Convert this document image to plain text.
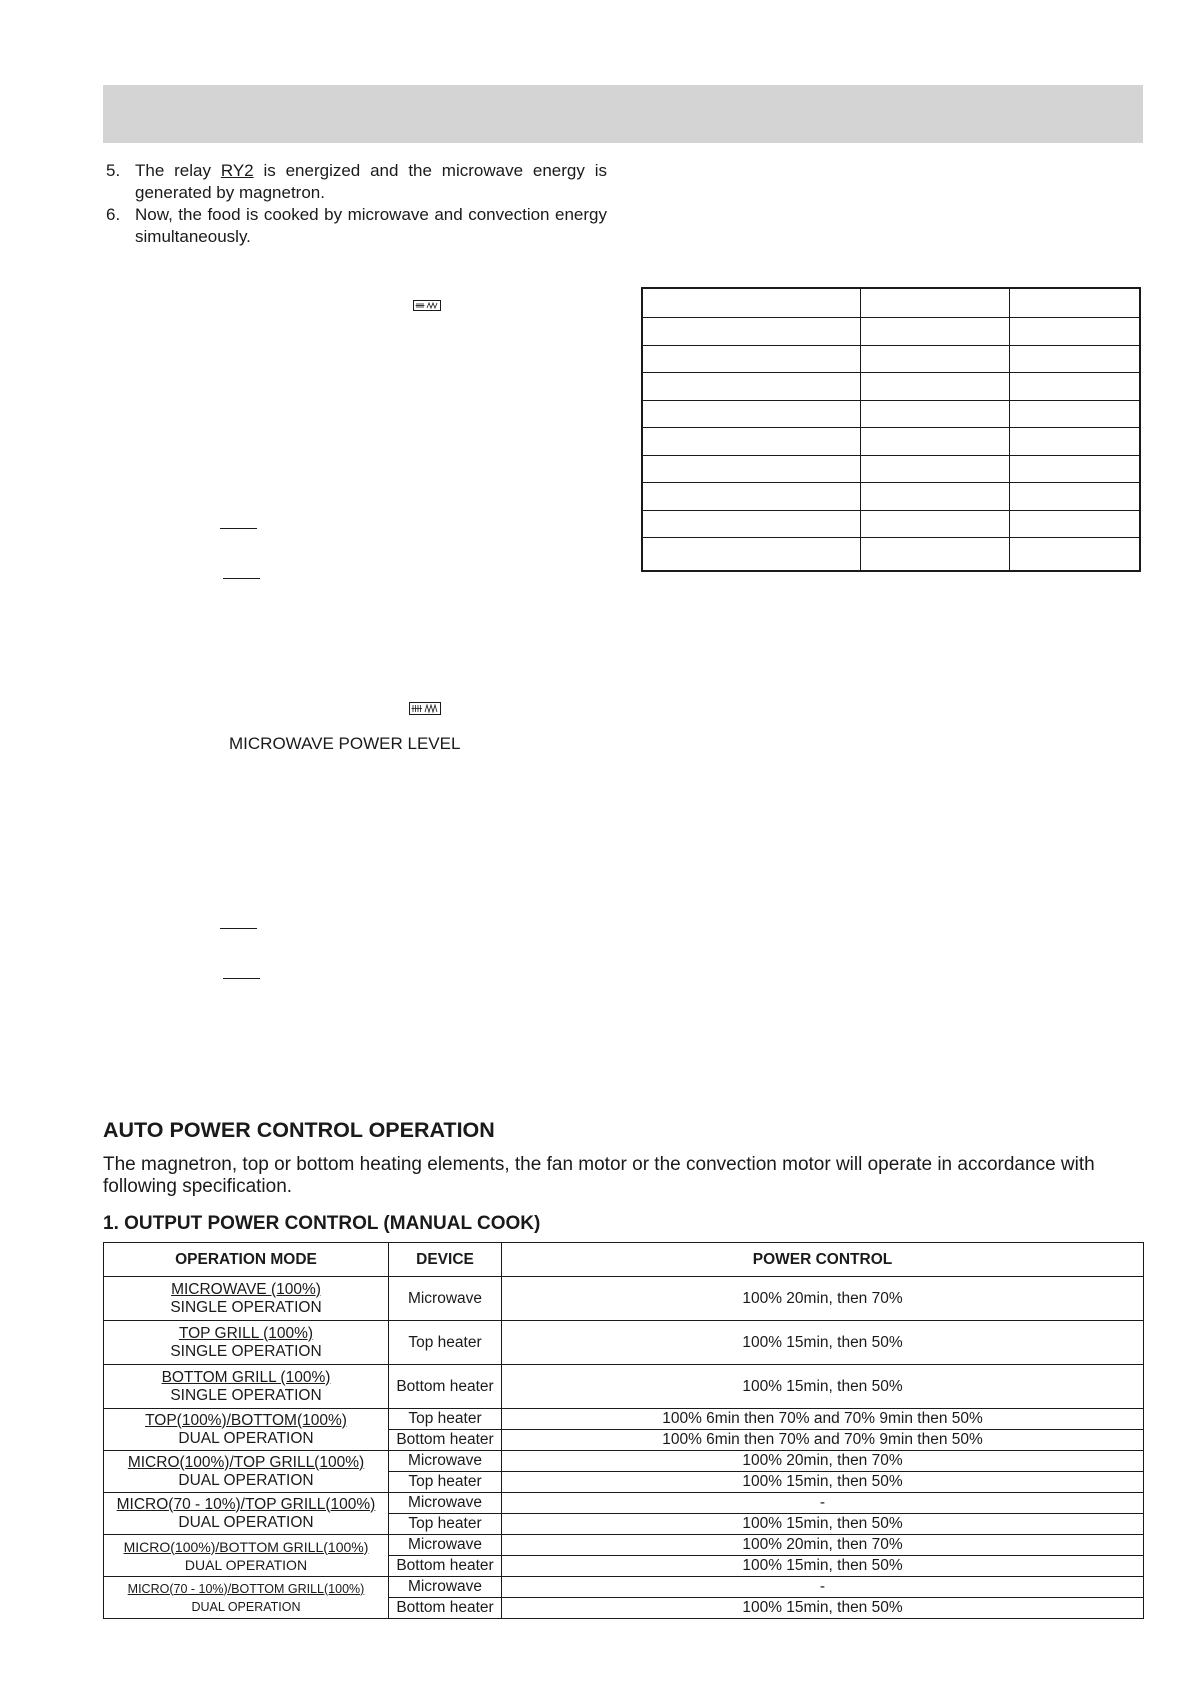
5. The relay RY2 is energized and the microwave energy is generated by magnetron.
6. Now, the food is cooked by microwave and convection energy simultaneously.

MICROWAVE POWER LEVEL
AUTO POWER CONTROL OPERATION

The magnetron, top or bottom heating elements, the fan motor or the convection motor will operate in accordance with following specification.

1. OUTPUT POWER CONTROL (MANUAL COOK)
OPERATION MODE	DEVICE	POWER CONTROL
MICROWAVE (100%)
SINGLE OPERATION	Microwave	100% 20min, then 70%
TOP GRILL (100%)
SINGLE OPERATION	Top heater	100% 15min, then 50%
BOTTOM GRILL (100%)
SINGLE OPERATION	Bottom heater	100% 15min, then 50%
TOP(100%)/BOTTOM(100%)
DUAL OPERATION	Top heater	100% 6min then 70% and 70% 9min then 50%
	Bottom heater	100% 6min then 70% and 70% 9min then 50%
MICRO(100%)/TOP GRILL(100%)
DUAL OPERATION	Microwave	100% 20min, then 70%
	Top heater	100% 15min, then 50%
MICRO(70 - 10%)/TOP GRILL(100%)
DUAL OPERATION	Microwave	-
	Top heater	100% 15min, then 50%
MICRO(100%)/BOTTOM GRILL(100%)
DUAL OPERATION	Microwave	100% 20min, then 70%
	Bottom heater	100% 15min, then 50%
MICRO(70 - 10%)/BOTTOM GRILL(100%)
DUAL OPERATION	Microwave	-
	Bottom heater	100% 15min, then 50%
